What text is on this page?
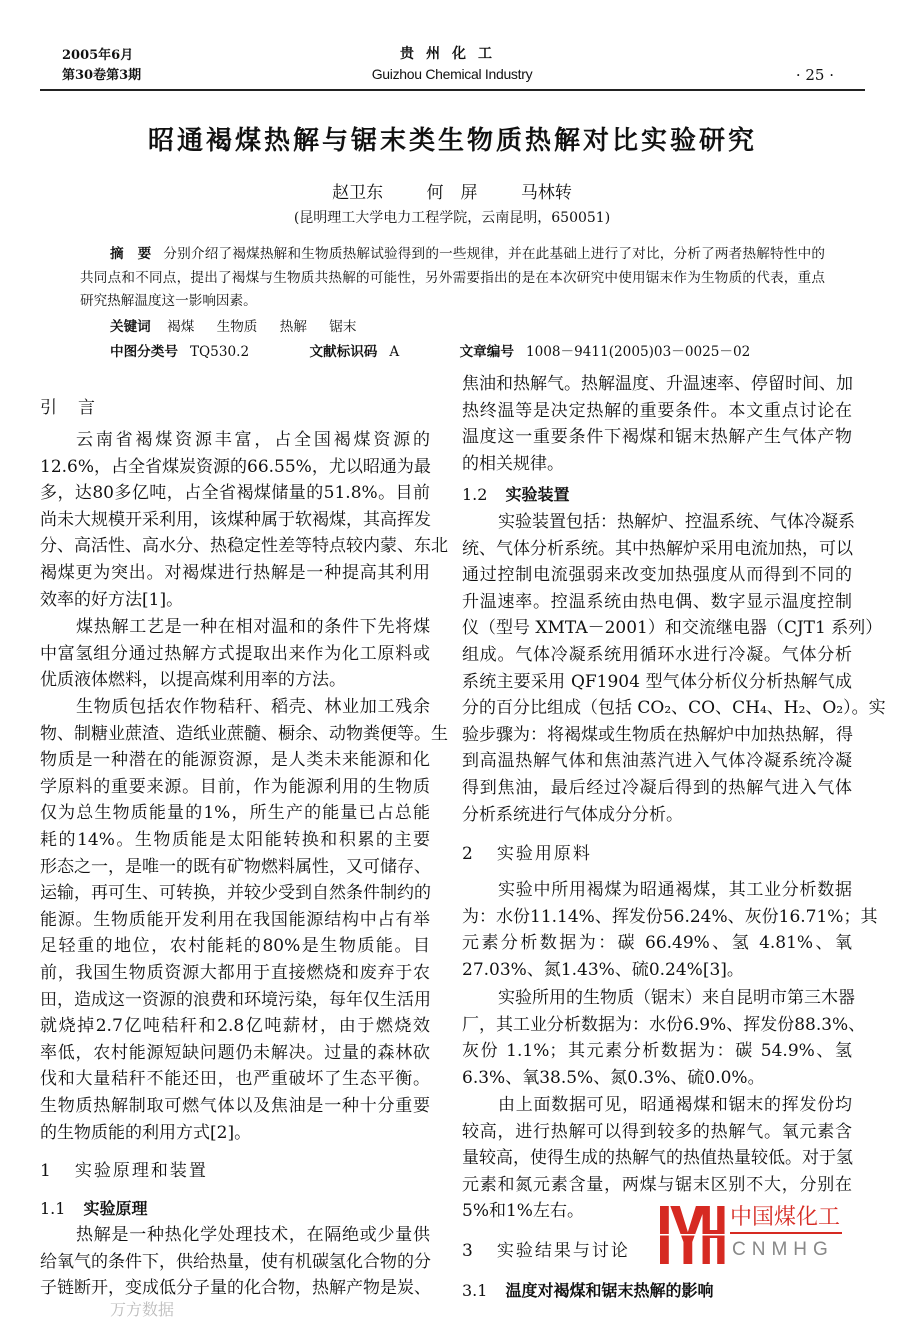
2005年6月
第30卷第3期
贵州化工
Guizhou Chemical Industry	· 25 ·
昭通褐煤热解与锯末类生物质热解对比实验研究
赵卫东	何　屏	马林转
(昆明理工大学电力工程学院，云南昆明，650051)
摘　要 分别介绍了褐煤热解和生物质热解试验得到的一些规律，并在此基础上进行了对比，分析了两者热解特性中的共同点和不同点，提出了褐煤与生物质共热解的可能性，另外需要指出的是在本次研究中使用锯末作为生物质的代表，重点研究热解温度这一影响因素。
关键词 褐煤 生物质 热解 锯末
中图分类号 TQ530.2	文献标识码 A	文章编号 1008－9411(2005)03－0025－02
引　言
云南省褐煤资源丰富，占全国褐煤资源的
12.6%，占全省煤炭资源的66.55%，尤以昭通为最
多，达80多亿吨，占全省褐煤储量的51.8%。目前
尚未大规模开采利用，该煤种属于软褐煤，其高挥发
分、高活性、高水分、热稳定性差等特点较内蒙、东北
褐煤更为突出。对褐煤进行热解是一种提高其利用
效率的好方法[1]。
煤热解工艺是一种在相对温和的条件下先将煤
中富氢组分通过热解方式提取出来作为化工原料或
优质液体燃料，以提高煤利用率的方法。
生物质包括农作物秸秆、稻壳、林业加工残余
物、制糖业蔗渣、造纸业蔗髓、橱余、动物粪便等。生
物质是一种潜在的能源资源，是人类未来能源和化
学原料的重要来源。目前，作为能源利用的生物质
仅为总生物质能量的1%，所生产的能量已占总能
耗的14%。生物质能是太阳能转换和积累的主要
形态之一，是唯一的既有矿物燃料属性，又可储存、
运输，再可生、可转换，并较少受到自然条件制约的
能源。生物质能开发利用在我国能源结构中占有举
足轻重的地位，农村能耗的80%是生物质能。目
前，我国生物质资源大都用于直接燃烧和废弃于农
田，造成这一资源的浪费和环境污染，每年仅生活用
就烧掉2.7亿吨秸秆和2.8亿吨薪材，由于燃烧效
率低，农村能源短缺问题仍未解决。过量的森林砍
伐和大量秸秆不能还田，也严重破坏了生态平衡。
生物质热解制取可燃气体以及焦油是一种十分重要
的生物质能的利用方式[2]。
1 实验原理和装置
1.1 实验原理
热解是一种热化学处理技术，在隔绝或少量供
给氧气的条件下，供给热量，使有机碳氢化合物的分
子链断开，变成低分子量的化合物，热解产物是炭、
焦油和热解气。热解温度、升温速率、停留时间、加
热终温等是决定热解的重要条件。本文重点讨论在
温度这一重要条件下褐煤和锯末热解产生气体产物
的相关规律。
1.2 实验装置
实验装置包括：热解炉、控温系统、气体冷凝系
统、气体分析系统。其中热解炉采用电流加热，可以
通过控制电流强弱来改变加热强度从而得到不同的
升温速率。控温系统由热电偶、数字显示温度控制
仪（型号 XMTA－2001）和交流继电器（CJT1 系列）
组成。气体冷凝系统用循环水进行冷凝。气体分析
系统主要采用 QF1904 型气体分析仪分析热解气成
分的百分比组成（包括 CO₂、CO、CH₄、H₂、O₂）。实
验步骤为：将褐煤或生物质在热解炉中加热热解，得
到高温热解气体和焦油蒸汽进入气体冷凝系统冷凝
得到焦油，最后经过冷凝后得到的热解气进入气体
分析系统进行气体成分分析。
2 实验用原料
实验中所用褐煤为昭通褐煤，其工业分析数据
为：水份11.14%、挥发份56.24%、灰份16.71%；其
元素分析数据为：碳 66.49%、氢 4.81%、氧
27.03%、氮1.43%、硫0.24%[3]。
实验所用的生物质（锯末）来自昆明市第三木器
厂，其工业分析数据为：水份6.9%、挥发份88.3%、
灰份 1.1%；其元素分析数据为：碳 54.9%、氢
6.3%、氧38.5%、氮0.3%、硫0.0%。
由上面数据可见，昭通褐煤和锯末的挥发份均
较高，进行热解可以得到较多的热解气。氧元素含
量较高，使得生成的热解气的热值热量较低。对于氢
元素和氮元素含量，两煤与锯末区别不大，分别在
5%和1%左右。
3 实验结果与讨论
3.1 温度对褐煤和锯末热解的影响
中国煤化工
CNMHG
万方数据
